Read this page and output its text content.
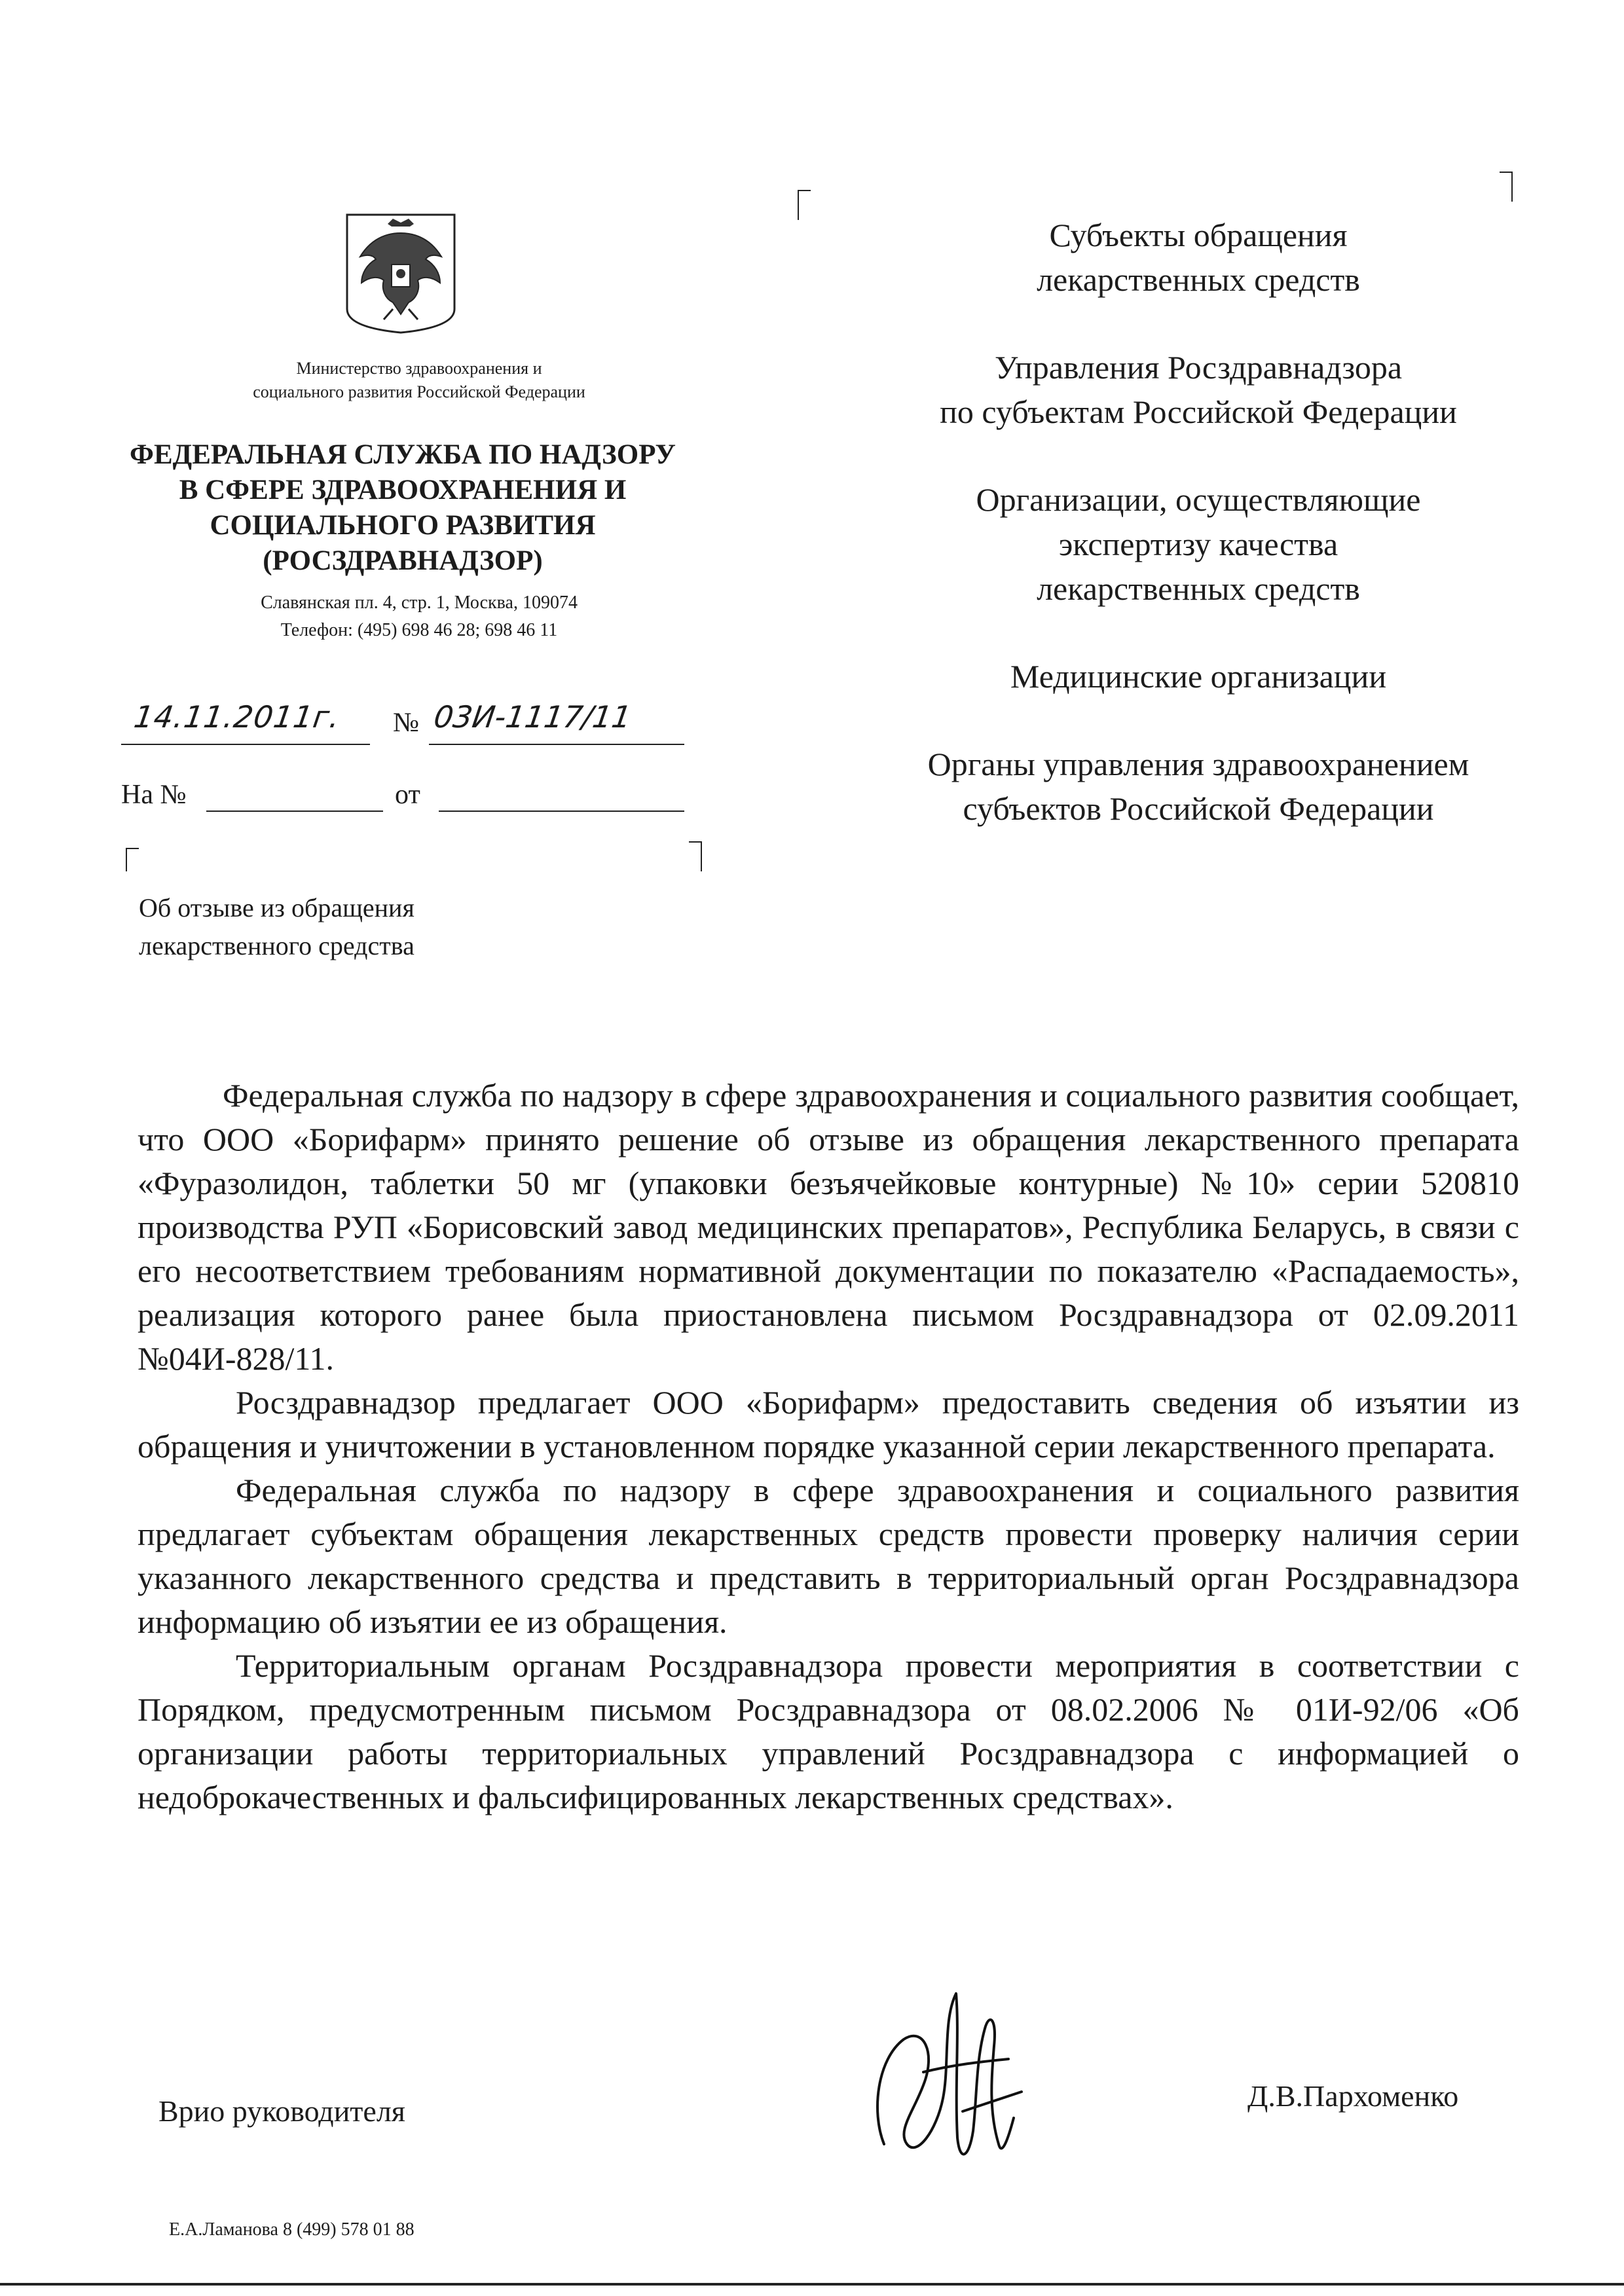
Министерство здравоохранения и
социального развития Российской Федерации
ФЕДЕРАЛЬНАЯ СЛУЖБА ПО НАДЗОРУ
В СФЕРЕ ЗДРАВООХРАНЕНИЯ И
СОЦИАЛЬНОГО РАЗВИТИЯ
(РОСЗДРАВНАДЗОР)
Славянская пл. 4, стр. 1, Москва, 109074
Телефон: (495) 698 46 28; 698 46 11
14.11.2011г. № 03И-1117/11
На №	от
Об отзыве из обращения
лекарственного средства
Субъекты обращения
лекарственных средств
Управления Росздравнадзора
по субъектам Российской Федерации
Организации, осуществляющие
экспертизу качества
лекарственных средств
Медицинские организации
Органы управления здравоохранением
субъектов Российской Федерации

Федеральная служба по надзору в сфере здравоохранения и социального развития сообщает, что ООО «Борифарм» принято решение об отзыве из обращения лекарственного препарата «Фуразолидон, таблетки 50 мг (упаковки безъячейковые контурные) №10» серии 520810 производства РУП «Борисовский завод медицинских препаратов», Республика Беларусь, в связи с его несоответствием требованиям нормативной документации по показателю «Распадаемость», реализация которого ранее была приостановлена письмом Росздравнадзора от 02.09.2011 №04И-828/11.

Росздравнадзор предлагает ООО «Борифарм» предоставить сведения об изъятии из обращения и уничтожении в установленном порядке указанной серии лекарственного препарата.

Федеральная служба по надзору в сфере здравоохранения и социального развития предлагает субъектам обращения лекарственных средств провести проверку наличия серии указанного лекарственного средства и представить в территориальный орган Росздравнадзора информацию об изъятии ее из обращения.

Территориальным органам Росздравнадзора провести мероприятия в соответствии с Порядком, предусмотренным письмом Росздравнадзора от 08.02.2006 № 01И-92/06 «Об организации работы территориальных управлений Росздравнадзора с информацией о недоброкачественных и фальсифицированных лекарственных средствах».

Врио руководителя	Д.В.Пархоменко
Е.А.Ламанова 8 (499) 578 01 88
